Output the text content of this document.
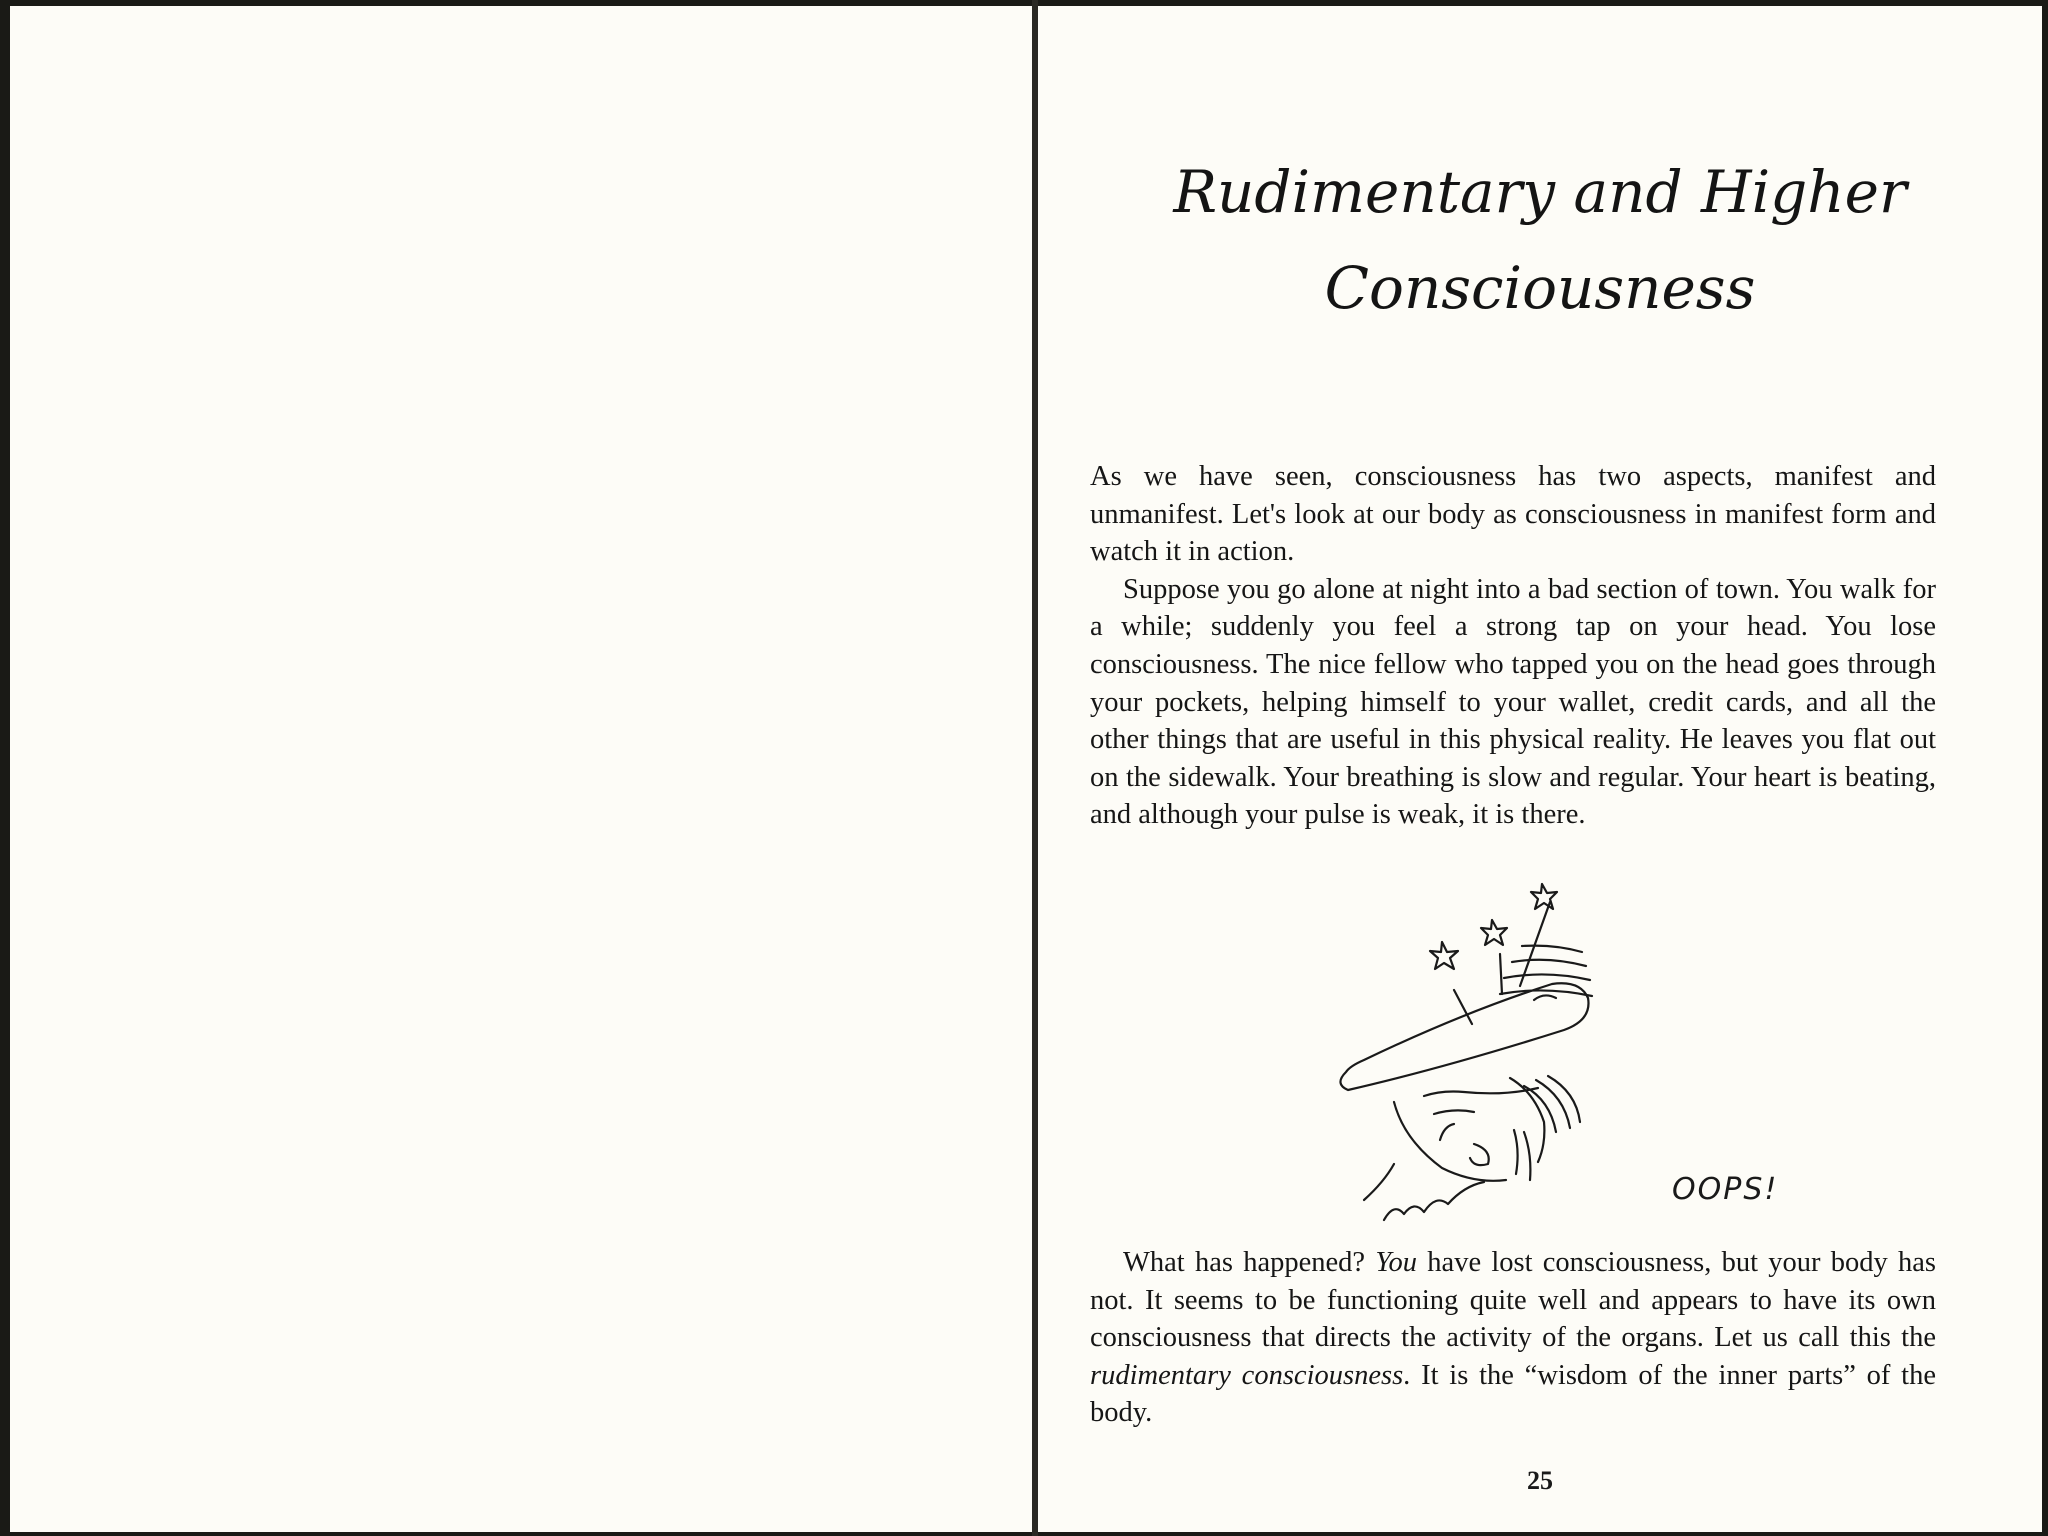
Rudimentary and Higher
Consciousness

As we have seen, consciousness has two aspects, manifest and unmanifest. Let's look at our body as consciousness in manifest form and watch it in action.

Suppose you go alone at night into a bad section of town. You walk for a while; suddenly you feel a strong tap on your head. You lose consciousness. The nice fellow who tapped you on the head goes through your pockets, helping himself to your wallet, credit cards, and all the other things that are useful in this physical reality. He leaves you flat out on the sidewalk. Your breathing is slow and regular. Your heart is beating, and although your pulse is weak, it is there.

OOPS!

What has happened? You have lost consciousness, but your body has not. It seems to be functioning quite well and appears to have its own consciousness that directs the activity of the organs. Let us call this the rudimentary consciousness. It is the “wisdom of the inner parts” of the body.

25
